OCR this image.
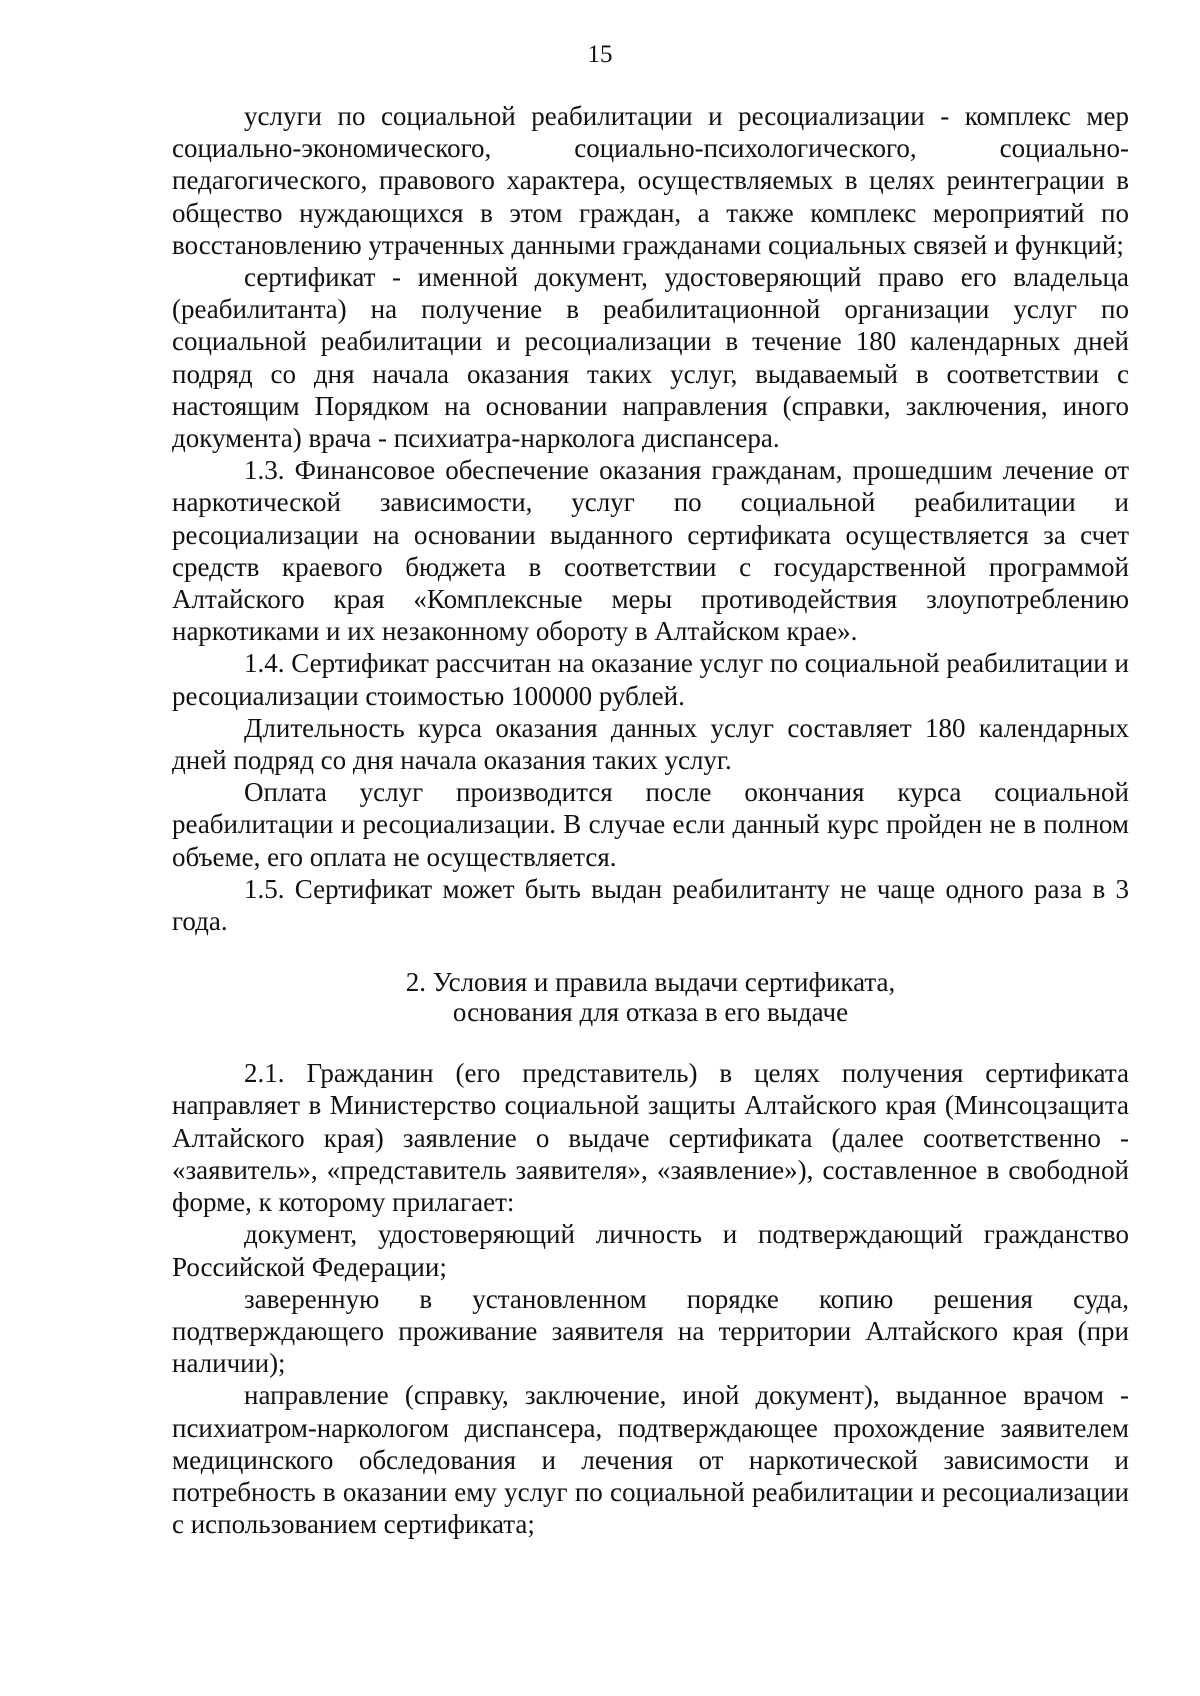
15

услуги по социальной реабилитации и ресоциализации - комплекс мер социально-экономического, социально-психологического, социально-педагогического, правового характера, осуществляемых в целях реинтеграции в общество нуждающихся в этом граждан, а также комплекс мероприятий по восстановлению утраченных данными гражданами социальных связей и функций;

сертификат - именной документ, удостоверяющий право его владельца (реабилитанта) на получение в реабилитационной организации услуг по социальной реабилитации и ресоциализации в течение 180 календарных дней подряд со дня начала оказания таких услуг, выдаваемый в соответствии с настоящим Порядком на основании направления (справки, заключения, иного документа) врача - психиатра-нарколога диспансера.

1.3. Финансовое обеспечение оказания гражданам, прошедшим лечение от наркотической зависимости, услуг по социальной реабилитации и ресоциализации на основании выданного сертификата осуществляется за счет средств краевого бюджета в соответствии с государственной программой Алтайского края «Комплексные меры противодействия злоупотреблению наркотиками и их незаконному обороту в Алтайском крае».

1.4. Сертификат рассчитан на оказание услуг по социальной реабилитации и ресоциализации стоимостью 100000 рублей.

Длительность курса оказания данных услуг составляет 180 календарных дней подряд со дня начала оказания таких услуг.

Оплата услуг производится после окончания курса социальной реабилитации и ресоциализации. В случае если данный курс пройден не в полном объеме, его оплата не осуществляется.

1.5. Сертификат может быть выдан реабилитанту не чаще одного раза в 3 года.

2. Условия и правила выдачи сертификата,
основания для отказа в его выдаче

2.1. Гражданин (его представитель) в целях получения сертификата направляет в Министерство социальной защиты Алтайского края (Минсоцзащита Алтайского края) заявление о выдаче сертификата (далее соответственно - «заявитель», «представитель заявителя», «заявление»), составленное в свободной форме, к которому прилагает:

документ, удостоверяющий личность и подтверждающий гражданство Российской Федерации;

заверенную в установленном порядке копию решения суда, подтверждающего проживание заявителя на территории Алтайского края (при наличии);

направление (справку, заключение, иной документ), выданное врачом - психиатром-наркологом диспансера, подтверждающее прохождение заявителем медицинского обследования и лечения от наркотической зависимости и потребность в оказании ему услуг по социальной реабилитации и ресоциализации с использованием сертификата;
